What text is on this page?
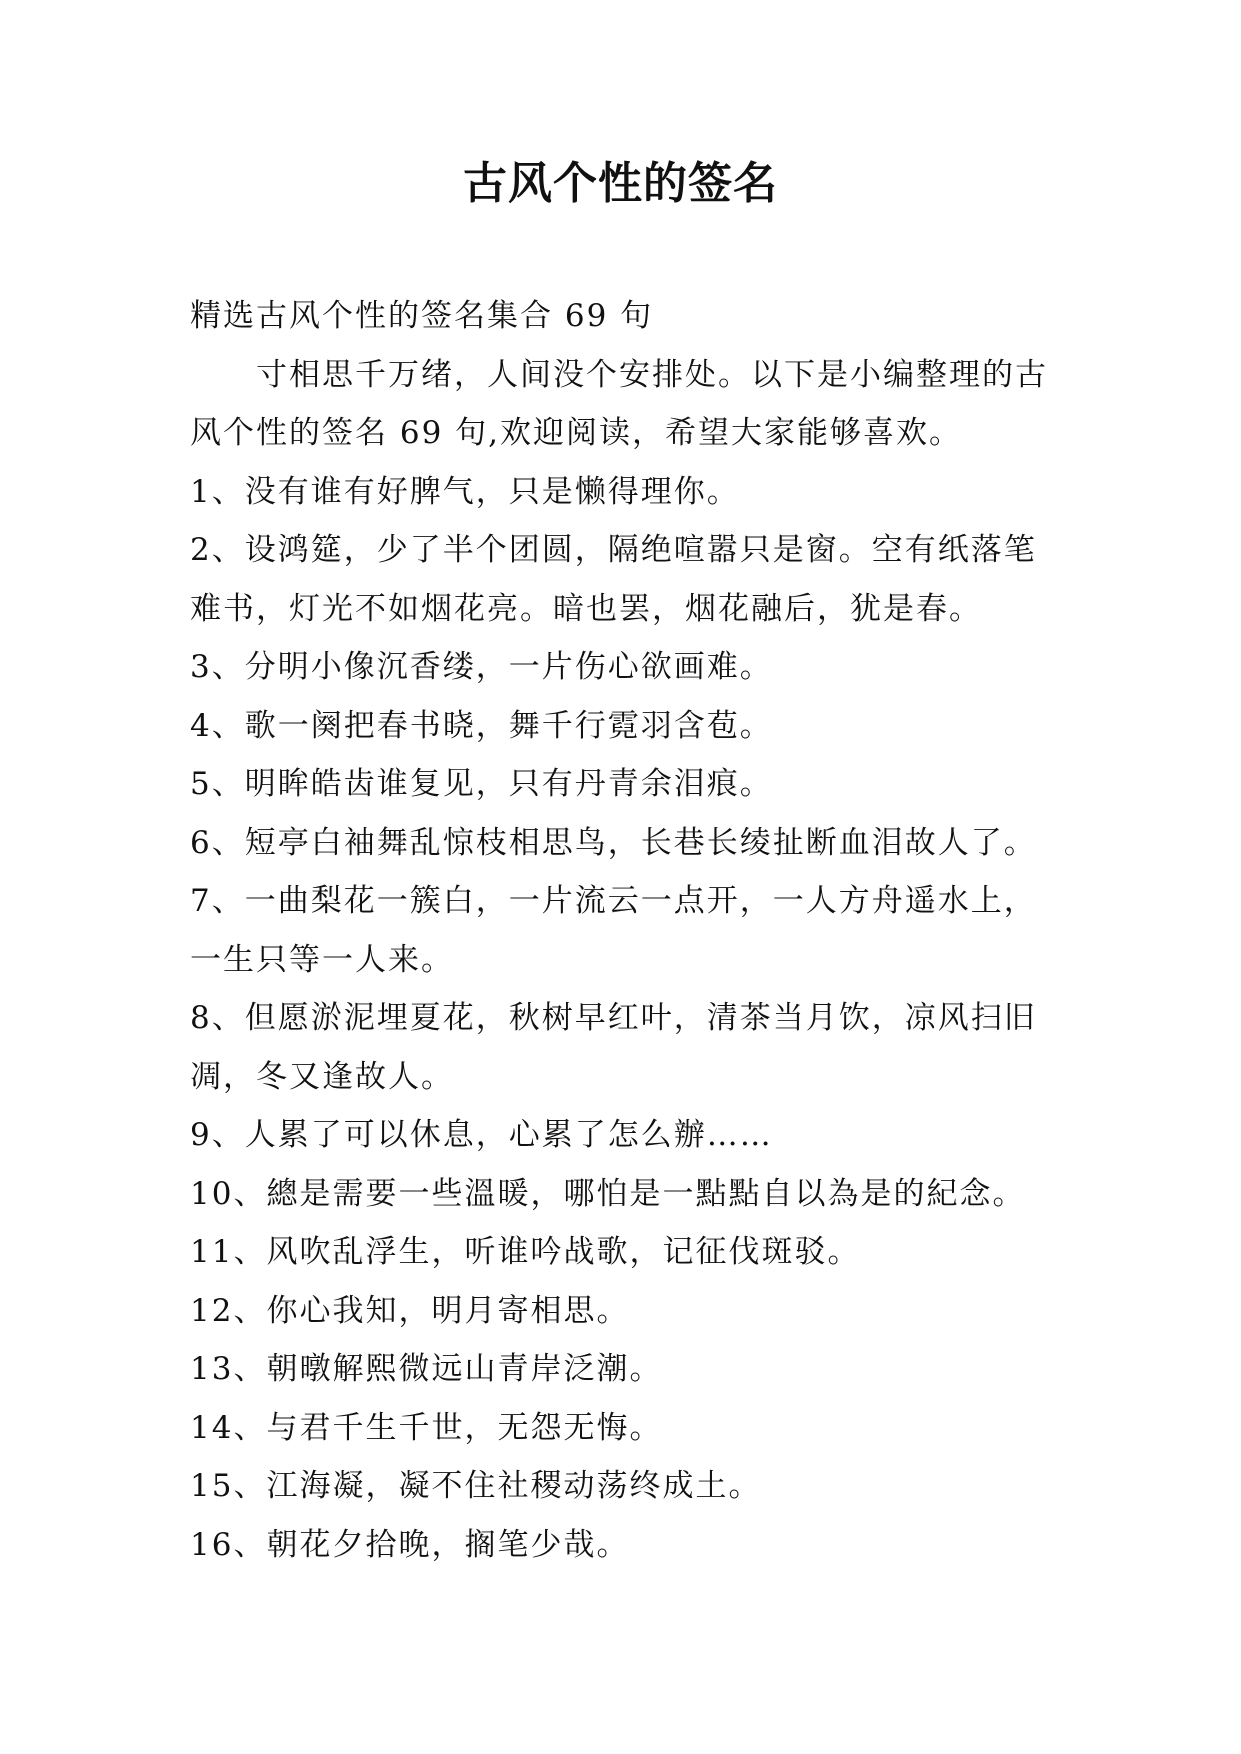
古风个性的签名

精选古风个性的签名集合 69 句

寸相思千万绪，人间没个安排处。以下是小编整理的古风个性的签名 69 句,欢迎阅读，希望大家能够喜欢。

1、没有谁有好脾气，只是懒得理你。

2、设鸿筵，少了半个团圆，隔绝喧嚣只是窗。空有纸落笔难书，灯光不如烟花亮。暗也罢，烟花融后，犹是春。

3、分明小像沉香缕，一片伤心欲画难。

4、歌一阕把春书晓，舞千行霓羽含苞。

5、明眸皓齿谁复见，只有丹青余泪痕。

6、短亭白袖舞乱惊枝相思鸟，长巷长绫扯断血泪故人了。

7、一曲梨花一簇白，一片流云一点开，一人方舟遥水上，一生只等一人来。

8、但愿淤泥埋夏花，秋树早红叶，清茶当月饮，凉风扫旧凋，冬又逢故人。

9、人累了可以休息，心累了怎么辦……

10、總是需要一些溫暖，哪怕是一點點自以為是的紀念。

11、风吹乱浮生，听谁吟战歌，记征伐斑驳。

12、你心我知，明月寄相思。

13、朝暾解熙微远山青岸泛潮。

14、与君千生千世，无怨无悔。

15、江海凝，凝不住社稷动荡终成土。

16、朝花夕拾晚，搁笔少哉。
